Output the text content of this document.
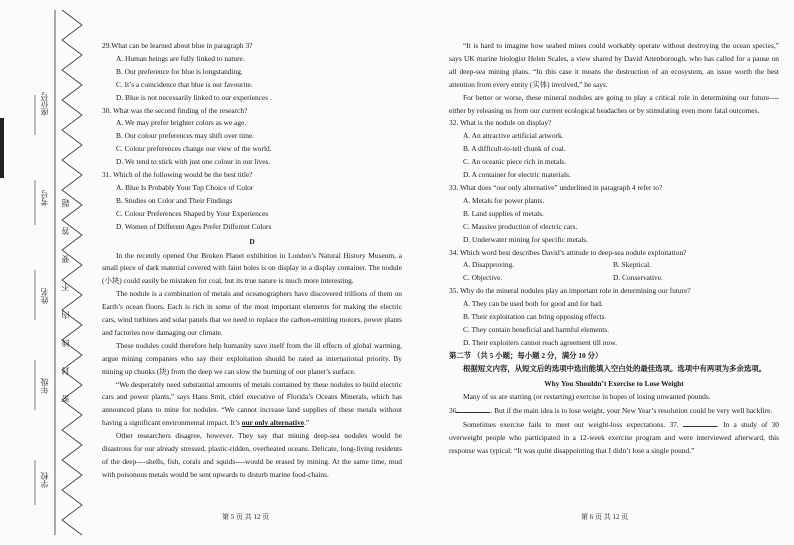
座位号
考号
姓名
年级
学校
密 封 线 内 不 要 答 题

29.What can be learned about blue in paragraph 3?

A. Human beings are fully linked to nature.

B. Our preference for blue is longstanding.

C. It’s a coincidence that blue is our favourite.

D. Blue is not necessarily linked to our experiences .

30. What was the second finding of the research?

A. We may prefer brighter colors as we age.

B. Our colour preferences may shift over time.

C. Colour preferences change our view of the world.

D. We tend to stick with just one colour in our lives.

31. Which of the following would be the best title?

A. Blue Is Probably Your Top Choice of Color

B. Studies on Color and Their Findings

C. Colour Preferences Shaped by Your Experiences

D. Women of Different Ages Prefer Different Colors

D

In the recently opened Our Broken Planet exhibition in London’s Natural History Museum, a small piece of dark material covered with faint holes is on display in a display container. The nodule (小块) could easily be mistaken for coal, but its true nature is much more interesting.

The nodule is a combination of metals and oceanographers have discovered trillions of them on Earth’s ocean floors. Each is rich in some of the most important elements for making the electric cars, wind turbines and solar panels that we need to replace the carbon-emitting motors, power plants and factories now damaging our climate.

These nodules could therefore help humanity save itself from the ill effects of global warming, argue mining companies who say their exploitation should be rated as international priority. By mining up chunks (块) from the deep we can slow the burning of our planet’s surface.

“We desperately need substantial amounts of metals contained by these nodules to build electric cars and power plants,” says Hans Smit, chief executive of Florida’s Oceans Minerals, which has announced plans to mine for nodules. “We cannot increase land supplies of these metals without having a significant environmental impact. It’s our only alternative.”

Other researchers disagree, however. They say that mining deep-sea nodules would be disastrous for our already stressed, plastic-ridden, overheated oceans. Delicate, long-living residents of the deep----shells, fish, corals and squids----would be erased by mining. At the same time, mud with poisonous metals would be sent upwards to disturb marine food-chains.

“It is hard to imagine how seabed mines could workably operate without destroying the ocean species,” says UK marine biologist Helen Scales, a view shared by David Attenborough, who has called for a pause on all deep-sea mining plans. “In this case it means the destruction of an ecosystem, an issue worth the best attention from every entity (实体) involved,” he says.

For better or worse, these mineral nodules are going to play a critical role in determining our future----either by releasing us from our current ecological headaches or by stimulating even more fatal outcomes.

32. What is the nodule on display?

A. An attractive artificial artwork.

B. A difficult-to-tell chunk of coal.

C. An oceanic piece rich in metals.

D. A container for electric materials.

33. What does “our only alternative” underlined in paragraph 4 refer to?

A. Metals for power plants.

B. Land supplies of metals.

C. Massive production of electric cars.

D. Underwater mining for specific metals.

34. Which word best describes David’s attitude to deep-sea nodule exploitation?

A. Disapproving.	B. Skeptical.

C. Objective.	D. Conservative.

35. Why do the mineral nodules play an important role in determining our future?

A. They can be used both for good and for bad.

B. Their exploitation can bring opposing effects.

C. They contain beneficial and harmful elements.

D. Their exploiters cannot reach agreement till now.

第二节 （共 5 小题；每小题 2 分，满分 10 分）

根据短文内容，从短文后的选项中选出能填入空白处的最佳选项。选项中有两项为多余选项。

Why You Shouldn’t Exercise to Lose Weight

Many of us are starting (or restarting) exercise in hopes of losing unwanted pounds.

36	. But if the main idea is to lose weight, your New Year’s resolution could be very well backfire.

Sometimes exercise fails to meet our weight-loss expectations. 37.	. In a study of 30 overweight people who participated in a 12-week exercise program and were interviewed afterward, this response was typical: “It was quite disappointing that I didn’t lose a single pound.”

第 5 页 共 12 页	第 6 页 共 12 页
